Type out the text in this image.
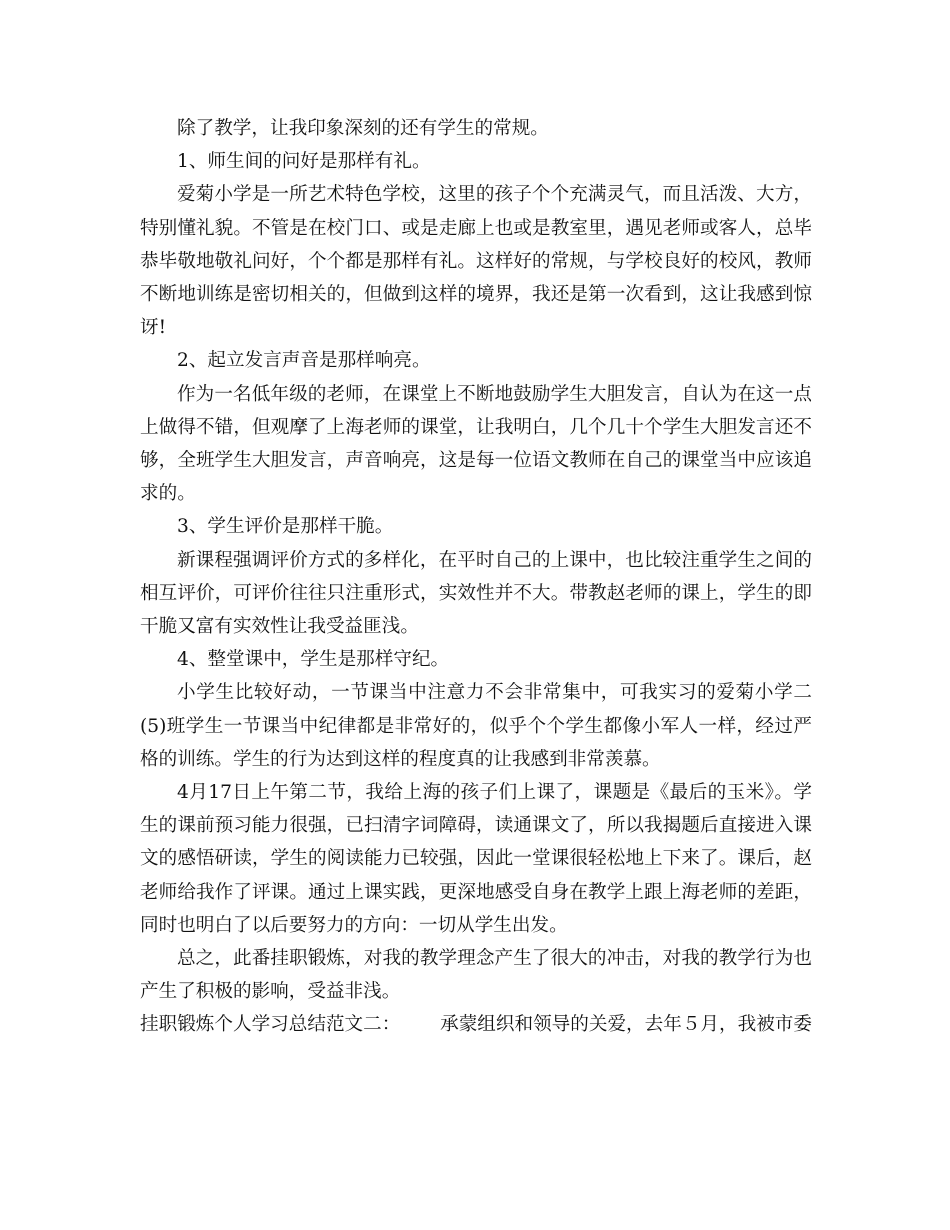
除了教学，让我印象深刻的还有学生的常规。

1、师生间的问好是那样有礼。

爱菊小学是一所艺术特色学校，这里的孩子个个充满灵气，而且活泼、大方，特别懂礼貌。不管是在校门口、或是走廊上也或是教室里，遇见老师或客人，总毕恭毕敬地敬礼问好，个个都是那样有礼。这样好的常规，与学校良好的校风，教师不断地训练是密切相关的，但做到这样的境界，我还是第一次看到，这让我感到惊讶!

2、起立发言声音是那样响亮。

作为一名低年级的老师，在课堂上不断地鼓励学生大胆发言，自认为在这一点上做得不错，但观摩了上海老师的课堂，让我明白，几个几十个学生大胆发言还不够，全班学生大胆发言，声音响亮，这是每一位语文教师在自己的课堂当中应该追求的。

3、学生评价是那样干脆。

新课程强调评价方式的多样化，在平时自己的上课中，也比较注重学生之间的相互评价，可评价往往只注重形式，实效性并不大。带教赵老师的课上，学生的即干脆又富有实效性让我受益匪浅。

4、整堂课中，学生是那样守纪。

小学生比较好动，一节课当中注意力不会非常集中，可我实习的爱菊小学二(5)班学生一节课当中纪律都是非常好的，似乎个个学生都像小军人一样，经过严格的训练。学生的行为达到这样的程度真的让我感到非常羡慕。

4月17日上午第二节，我给上海的孩子们上课了，课题是《最后的玉米》。学生的课前预习能力很强，已扫清字词障碍，读通课文了，所以我揭题后直接进入课文的感悟研读，学生的阅读能力已较强，因此一堂课很轻松地上下来了。课后，赵老师给我作了评课。通过上课实践，更深地感受自身在教学上跟上海老师的差距，同时也明白了以后要努力的方向：一切从学生出发。

总之，此番挂职锻炼，对我的教学理念产生了很大的冲击，对我的教学行为也产生了积极的影响，受益非浅。

挂职锻炼个人学习总结范文二： 承蒙组织和领导的关爱，去年５月，我被市委
